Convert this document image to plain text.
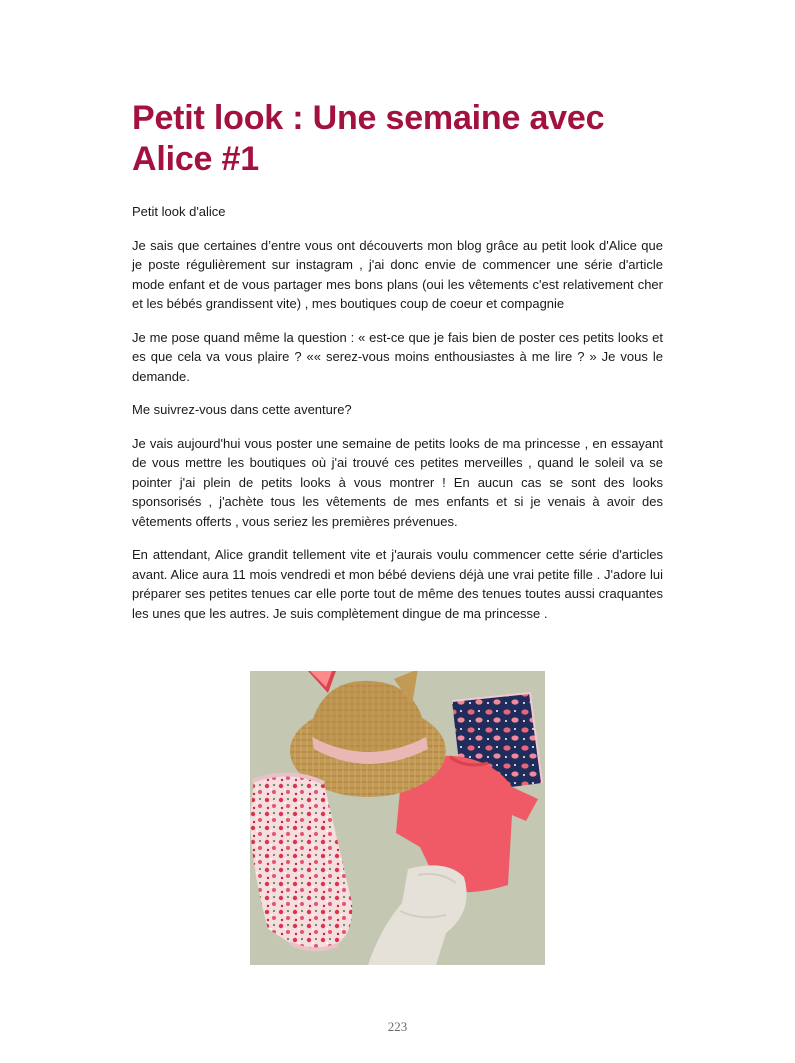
Petit look : Une semaine avec Alice #1

Petit look d'alice

Je sais que certaines d’entre vous ont découverts mon blog grâce au petit look d'Alice que je poste régulièrement sur instagram , j'ai donc envie de commencer une série d'article mode enfant et de vous partager mes bons plans (oui les vêtements c'est relativement cher et les bébés grandissent vite) , mes boutiques coup de coeur et compagnie

Je me pose quand même la question : « est-ce que je fais bien de poster ces petits looks et es que cela va vous plaire ? «« serez-vous moins enthousiastes à me lire ? » Je vous le demande.

Me suivrez-vous dans cette aventure?

Je vais aujourd'hui vous poster une semaine de petits looks de ma princesse , en essayant de vous mettre les boutiques où j'ai trouvé ces petites merveilles , quand le soleil va se pointer j'ai plein de petits looks à vous montrer ! En aucun cas se sont des looks sponsorisés , j'achète tous les vêtements de mes enfants et si je venais à avoir des vêtements offerts , vous seriez les premières prévenues.

En attendant, Alice grandit tellement vite et j'aurais voulu commencer cette série d'articles avant. Alice aura 11 mois vendredi et mon bébé deviens déjà une vrai petite fille . J'adore lui préparer ses petites tenues car elle porte tout de même des tenues toutes aussi craquantes les unes que les autres. Je suis complètement dingue de ma princesse .

223
